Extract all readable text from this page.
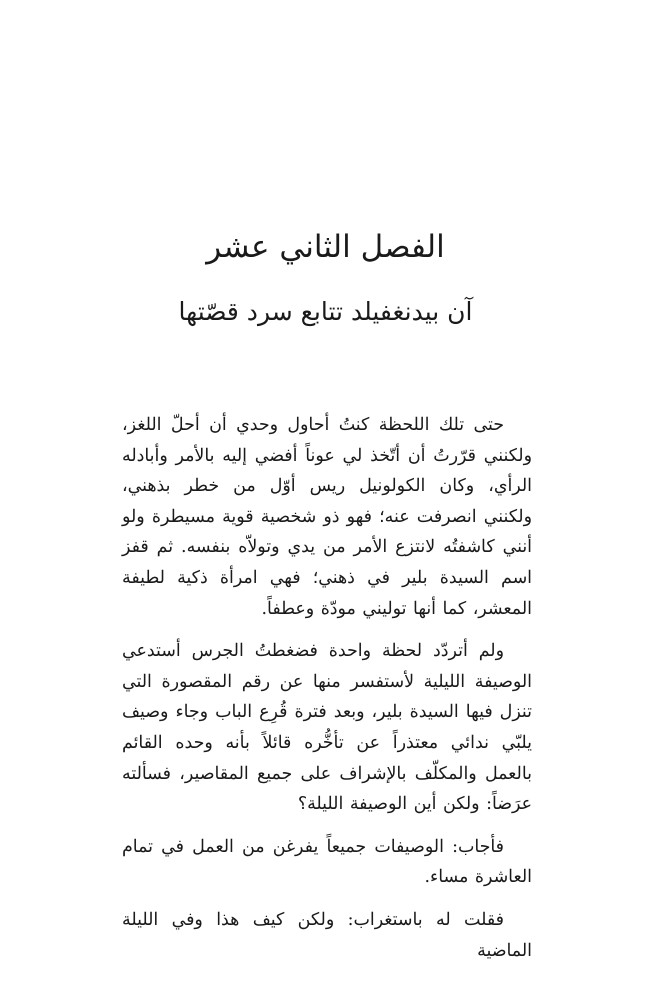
الفصل الثاني عشر
آن بيدنغفيلد تتابع سرد قصّتها

حتى تلك اللحظة كنتُ أحاول وحدي أن أحلّ اللغز، ولكنني قرّرتُ أن أتّخذ لي عوناً أفضي إليه بالأمر وأبادله الرأي، وكان الكولونيل ريس أوّل من خطر بذهني، ولكنني انصرفت عنه؛ فهو ذو شخصية قوية مسيطرة ولو أنني كاشفتُه لانتزع الأمر من يدي وتولاّه بنفسه. ثم قفز اسم السيدة بلير في ذهني؛ فهي امرأة ذكية لطيفة المعشر، كما أنها توليني مودّة وعطفاً.

ولم أتردّد لحظة واحدة فضغطتُ الجرس أستدعي الوصيفة الليلية لأستفسر منها عن رقم المقصورة التي تنزل فيها السيدة بلير، وبعد فترة قُرِع الباب وجاء وصيف يلبّي ندائي معتذراً عن تأخُّره قائلاً بأنه وحده القائم بالعمل والمكلّف بالإشراف على جميع المقاصير، فسألته عرَضاً: ولكن أين الوصيفة الليلة؟

فأجاب: الوصيفات جميعاً يفرغن من العمل في تمام العاشرة مساء.

فقلت له باستغراب: ولكن كيف هذا وفي الليلة الماضية
